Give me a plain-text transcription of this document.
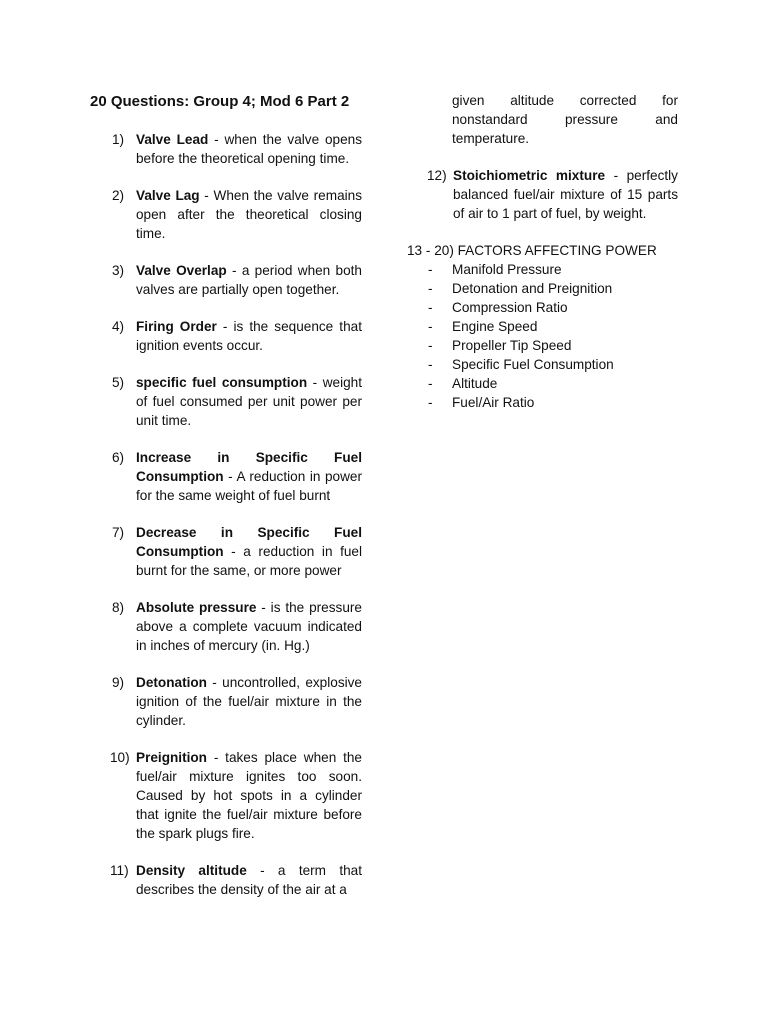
20 Questions: Group 4; Mod 6 Part 2
1) Valve Lead - when the valve opens before the theoretical opening time.
2) Valve Lag - When the valve remains open after the theoretical closing time.
3) Valve Overlap - a period when both valves are partially open together.
4) Firing Order - is the sequence that ignition events occur.
5) specific fuel consumption - weight of fuel consumed per unit power per unit time.
6) Increase in Specific Fuel Consumption - A reduction in power for the same weight of fuel burnt
7) Decrease in Specific Fuel Consumption - a reduction in fuel burnt for the same, or more power
8) Absolute pressure - is the pressure above a complete vacuum indicated in inches of mercury (in. Hg.)
9) Detonation - uncontrolled, explosive ignition of the fuel/air mixture in the cylinder.
10) Preignition - takes place when the fuel/air mixture ignites too soon. Caused by hot spots in a cylinder that ignite the fuel/air mixture before the spark plugs fire.
11) Density altitude - a term that describes the density of the air at a
given altitude corrected for nonstandard pressure and temperature.
12) Stoichiometric mixture - perfectly balanced fuel/air mixture of 15 parts of air to 1 part of fuel, by weight.

13 - 20) FACTORS AFFECTING POWER

- Manifold Pressure
- Detonation and Preignition
- Compression Ratio
- Engine Speed
- Propeller Tip Speed
- Specific Fuel Consumption
- Altitude
- Fuel/Air Ratio
